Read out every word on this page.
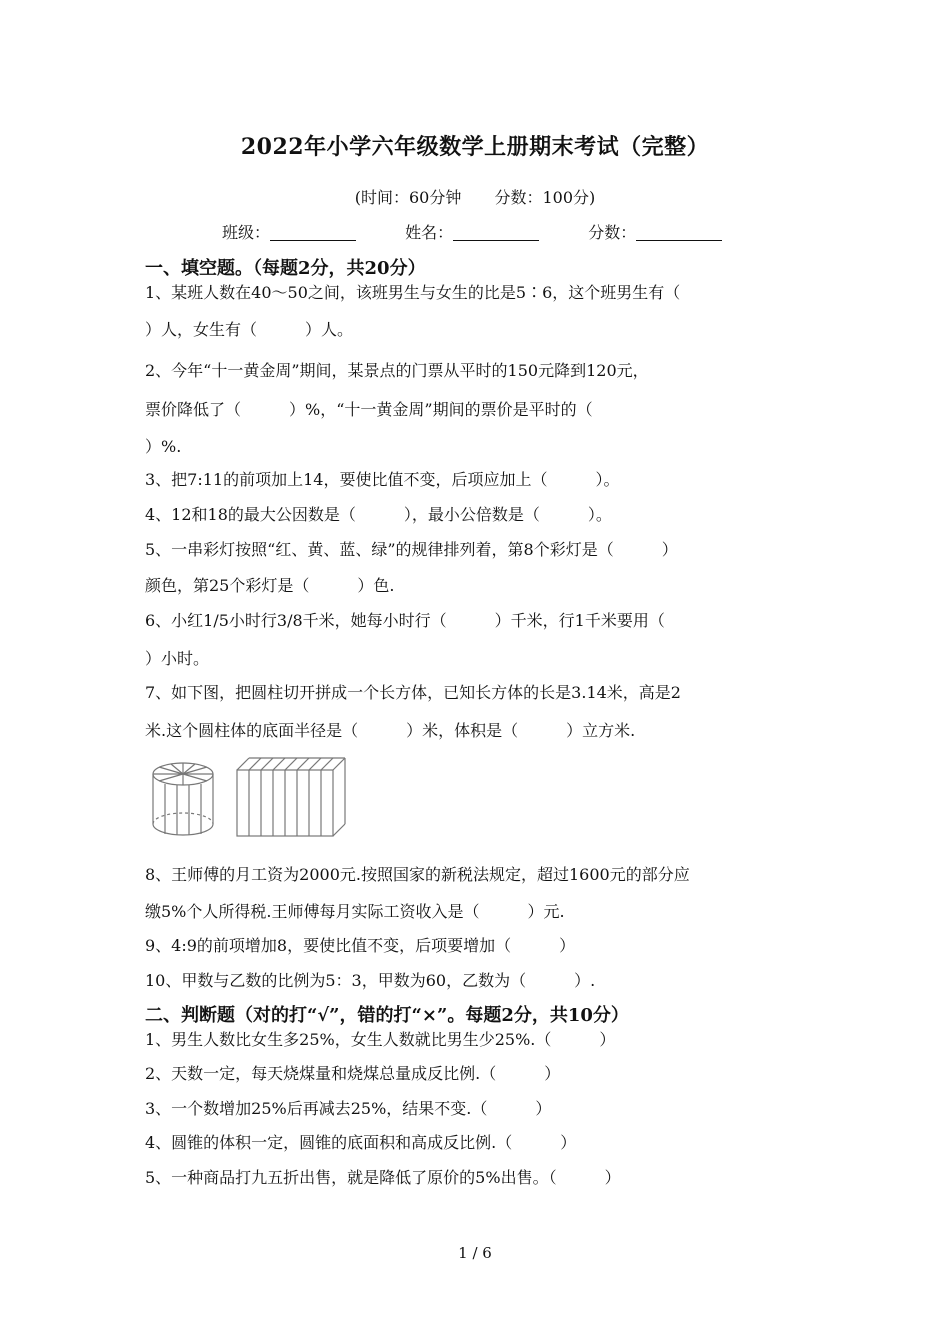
2022年小学六年级数学上册期末考试（完整）
(时间：60分钟 分数：100分)
班级：	姓名：	分数：
一、填空题。（每题2分，共20分）
1、某班人数在40～50之间，该班男生与女生的比是5∶6，这个班男生有（
）人，女生有（　　　）人。
2、今年“十一黄金周”期间，某景点的门票从平时的150元降到120元，
票价降低了（　　　）%，“十一黄金周”期间的票价是平时的（
）%.
3、把7:11的前项加上14，要使比值不变，后项应加上（　　　）。
4、12和18的最大公因数是（　　　），最小公倍数是（　　　）。
5、一串彩灯按照“红、黄、蓝、绿”的规律排列着，第8个彩灯是（　　　）
颜色，第25个彩灯是（　　　）色.
6、小红1/5小时行3/8千米，她每小时行（　　　）千米，行1千米要用（
）小时。
7、如下图，把圆柱切开拼成一个长方体，已知长方体的长是3.14米，高是2
米.这个圆柱体的底面半径是（　　　）米，体积是（　　　）立方米.
8、王师傅的月工资为2000元.按照国家的新税法规定，超过1600元的部分应
缴5%个人所得税.王师傅每月实际工资收入是（　　　）元.
9、4:9的前项增加8，要使比值不变，后项要增加（　　　）
10、甲数与乙数的比例为5：3，甲数为60，乙数为（　　　）.
二、判断题（对的打“√”，错的打“×”。每题2分，共10分）
1、男生人数比女生多25%，女生人数就比男生少25%.（　　　）
2、天数一定，每天烧煤量和烧煤总量成反比例.（　　　）
3、一个数增加25%后再减去25%，结果不变.（　　　）
4、圆锥的体积一定，圆锥的底面积和高成反比例.（　　　）
5、一种商品打九五折出售，就是降低了原价的5%出售。（　　　）
1 / 6
